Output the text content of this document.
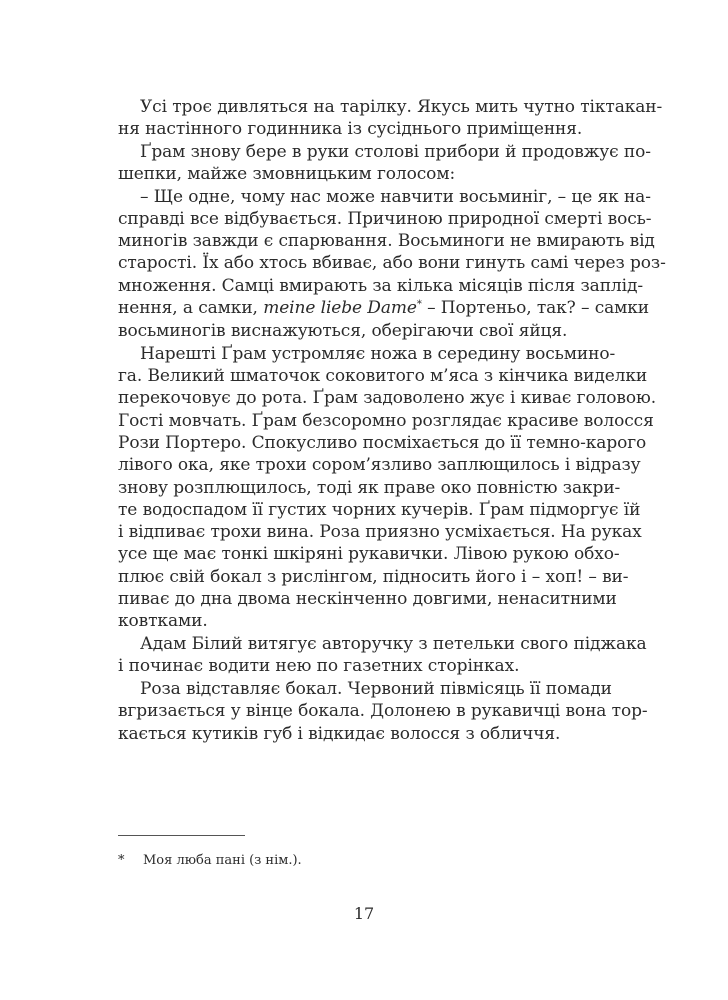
Усі троє дивляться на тарілку. Якусь мить чутно тіктакан-
ня настінного годинника із сусіднього приміщення.
Ґрам знову бере в руки столові прибори й продовжує по-
шепки, майже змовницьким голосом:
– Ще одне, чому нас може навчити восьминіг, – це як на-
справді все відбувається. Причиною природної смерті вось-
миногів завжди є спарювання. Восьминоги не вмирають від
старості. Їх або хтось вбиває, або вони гинуть самі через роз-
множення. Самці вмирають за кілька місяців після заплід-
нення, а самки, meine liebe Dame* – Портеньо, так? – самки
восьминогів виснажуються, оберігаючи свої яйця.
Нарешті Ґрам устромляє ножа в середину восьмино-
га. Великий шматочок соковитого м’яса з кінчика виделки
перекочовує до рота. Ґрам задоволено жує і киває головою.
Гості мовчать. Ґрам безсоромно розглядає красиве волосся
Рози Портеро. Спокусливо посміхається до її темно-карого
лівого ока, яке трохи сором’язливо заплющилось і відразу
знову розплющилось, тоді як праве око повністю закри-
те водоспадом її густих чорних кучерів. Ґрам підморгує їй
і відпиває трохи вина. Роза приязно усміхається. На руках
усе ще має тонкі шкіряні рукавички. Лівою рукою обхо-
плює свій бокал з рислінгом, підносить його і – хоп! – ви-
пиває до дна двома нескінченно довгими, ненаситними
ковтками.
Адам Білий витягує авторучку з петельки свого піджака
і починає водити нею по газетних сторінках.
Роза відставляє бокал. Червоний півмісяць її помади
вгризається у вінце бокала. Долонею в рукавичці вона тор-
кається кутиків губ і відкидає волосся з обличчя.
* Моя люба пані (з нім.).
17
